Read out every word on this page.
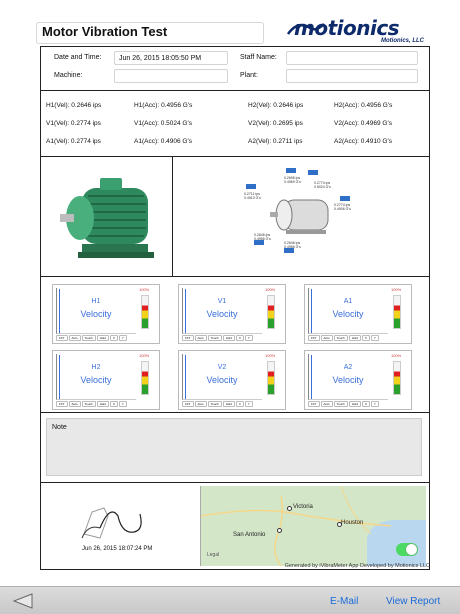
Motor Vibration Test	motionics
Motionics, LLC
Date and Time:	Jun 26, 2015 18:05:50 PM	Staff Name:
Machine:	Plant:
H1(Vel): 0.2646 ips	H1(Acc): 0.4956 G's	H2(Vel): 0.2646 ips	H2(Acc): 0.4956 G's
V1(Vel): 0.2774 ips	V1(Acc): 0.5024 G's	V2(Vel): 0.2695 ips	V2(Acc): 0.4969 G's
A1(Vel): 0.2774 ips	A1(Acc): 0.4906 G's	A2(Vel): 0.2711 ips	A2(Acc): 0.4910 G's
0.2695 ips
0.4969 G's	0.2774 ips
0.5024 G's
0.2711 ips
0.4910 G's
0.2774 ips
0.4906 G's
0.2646 ips
0.4956 G's
0.2646 ips
0.4956 G's
H1
Velocity
100%
FFT	Auto	Touch	Hold	X	Y
V1
Velocity
100%
FFT	Auto	Touch	Hold	X	Y
A1
Velocity
100%
FFT	Auto	Touch	Hold	X	Y
H2
Velocity
100%
FFT	Auto	Touch	Hold	X	Y
V2
Velocity
100%
FFT	Auto	Touch	Hold	X	Y
A2
Velocity
100%
FFT	Auto	Touch	Hold	X	Y
Note
Jun 26, 2015 18:07:24 PM
Victoria
Houston
San Antonio
Legal
Generated by iVibraMeter App Developed by Motionics LLC
E-Mail	View Report
